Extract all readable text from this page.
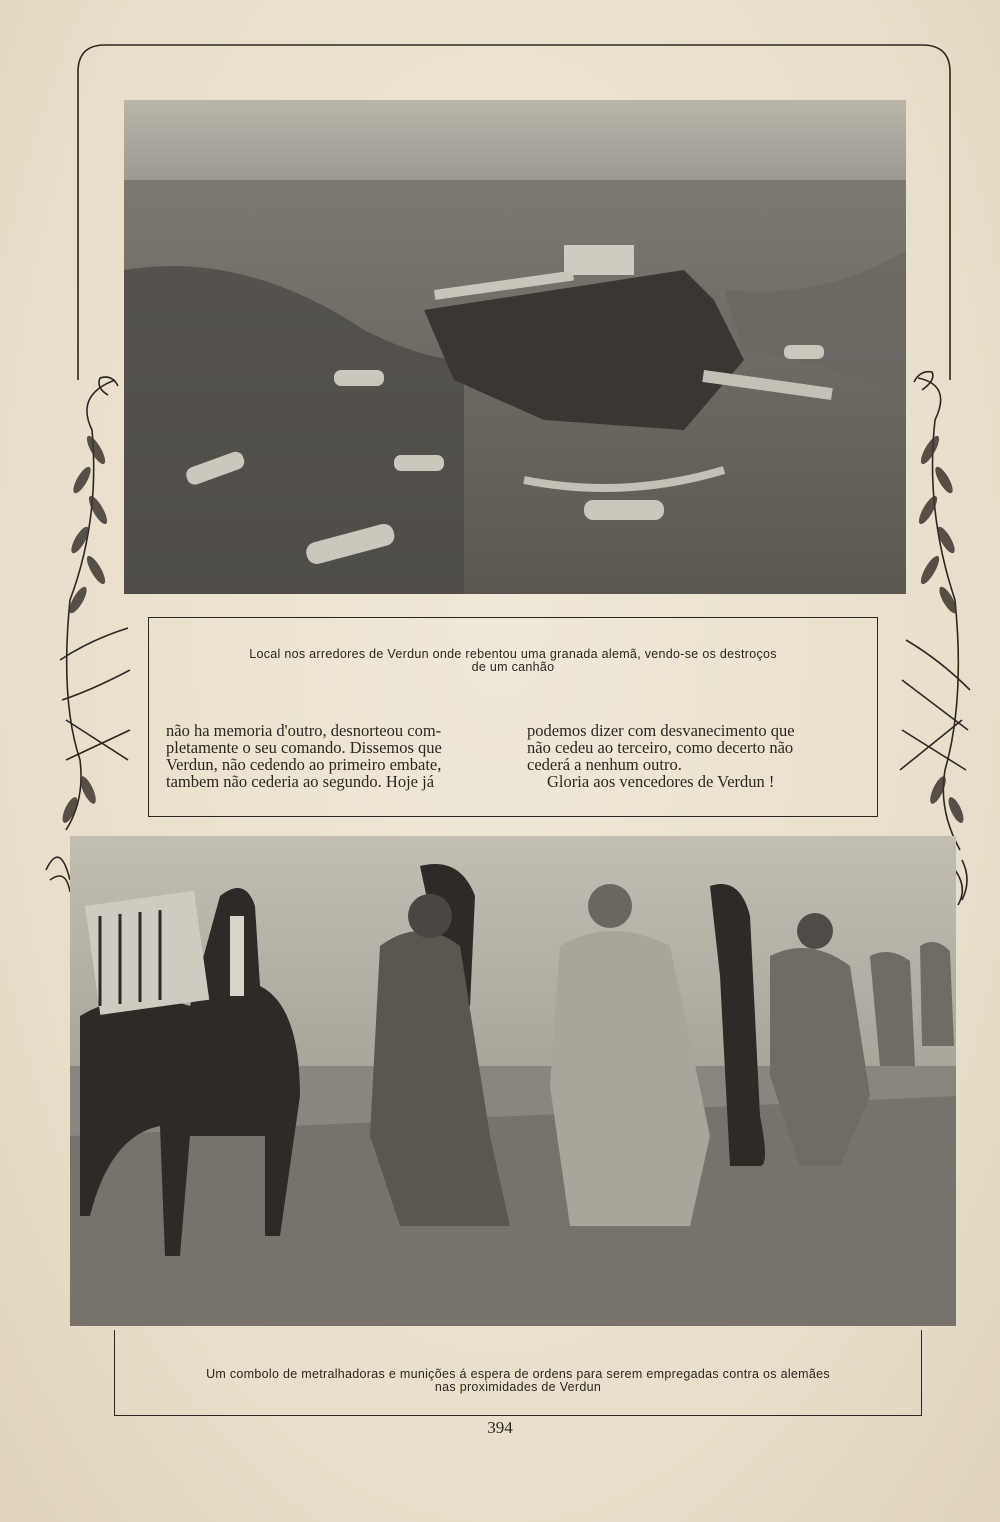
Local nos arredores de Verdun onde rebentou uma granada alemã, vendo-se os destroços
de um canhão

não ha memoria d'outro, desnorteou com-

pletamente o seu comando. Dissemos que

Verdun, não cedendo ao primeiro embate,

tambem não cederia ao segundo. Hoje já

podemos dizer com desvanecimento que

não cedeu ao terceiro, como decerto não

cederá a nenhum outro.

Gloria aos vencedores de Verdun !

Um combolo de metralhadoras e munições á espera de ordens para serem empregadas contra os alemães
nas proximidades de Verdun
394
